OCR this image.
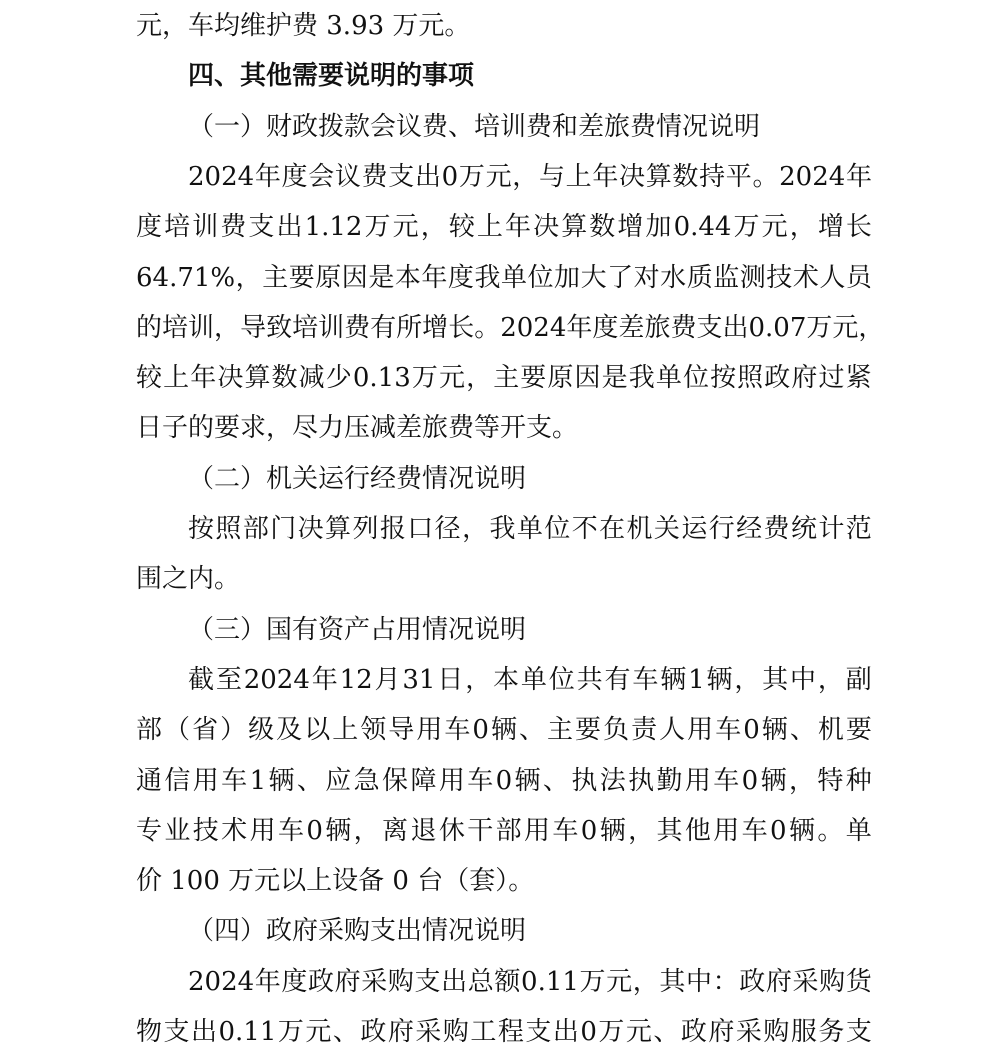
元，车均维护费 3.93 万元。
四、其他需要说明的事项
（一）财政拨款会议费、培训费和差旅费情况说明
2024 年 度 会 议 费 支 出 0 万 元 ， 与 上 年 决 算 数 持 平 。 2024 年
度 培 训 费 支 出 1.12 万 元 ， 较 上 年 决 算 数 增 加 0.44 万 元 ， 增 长
64.71% ， 主 要 原 因 是 本 年 度 我 单 位 加 大 了 对 水 质 监 测 技 术 人 员
的 培 训 ， 导 致 培 训 费 有 所 增 长 。 2024 年 度 差 旅 费 支 出 0.07 万 元 ，
较 上 年 决 算 数 减 少 0.13 万 元 ， 主 要 原 因 是 我 单 位 按 照 政 府 过 紧
日子的要求，尽力压减差旅费等开支。
（二）机关运行经费情况说明
按 照 部 门 决 算 列 报 口 径 ， 我 单 位 不 在 机 关 运 行 经 费 统 计 范
围之内。
（三）国有资产占用情况说明
截 至 2024 年 12 月 31 日 ， 本 单 位 共 有 车 辆 1 辆 ， 其 中 ， 副
部 （ 省 ） 级 及 以 上 领 导 用 车 0 辆 、 主 要 负 责 人 用 车 0 辆 、 机 要
通 信 用 车 1 辆 、 应 急 保 障 用 车 0 辆 、 执 法 执 勤 用 车 0 辆 ， 特 种
专 业 技 术 用 车 0 辆 ， 离 退 休 干 部 用 车 0 辆 ， 其 他 用 车 0 辆 。 单
价 100 万元以上设备 0 台（套）。
（四）政府采购支出情况说明
2024 年 度 政 府 采 购 支 出 总 额 0.11 万 元 ， 其 中 ： 政 府 采 购 货
物 支 出 0.11 万 元 、 政 府 采 购 工 程 支 出 0 万 元 、 政 府 采 购 服 务 支
